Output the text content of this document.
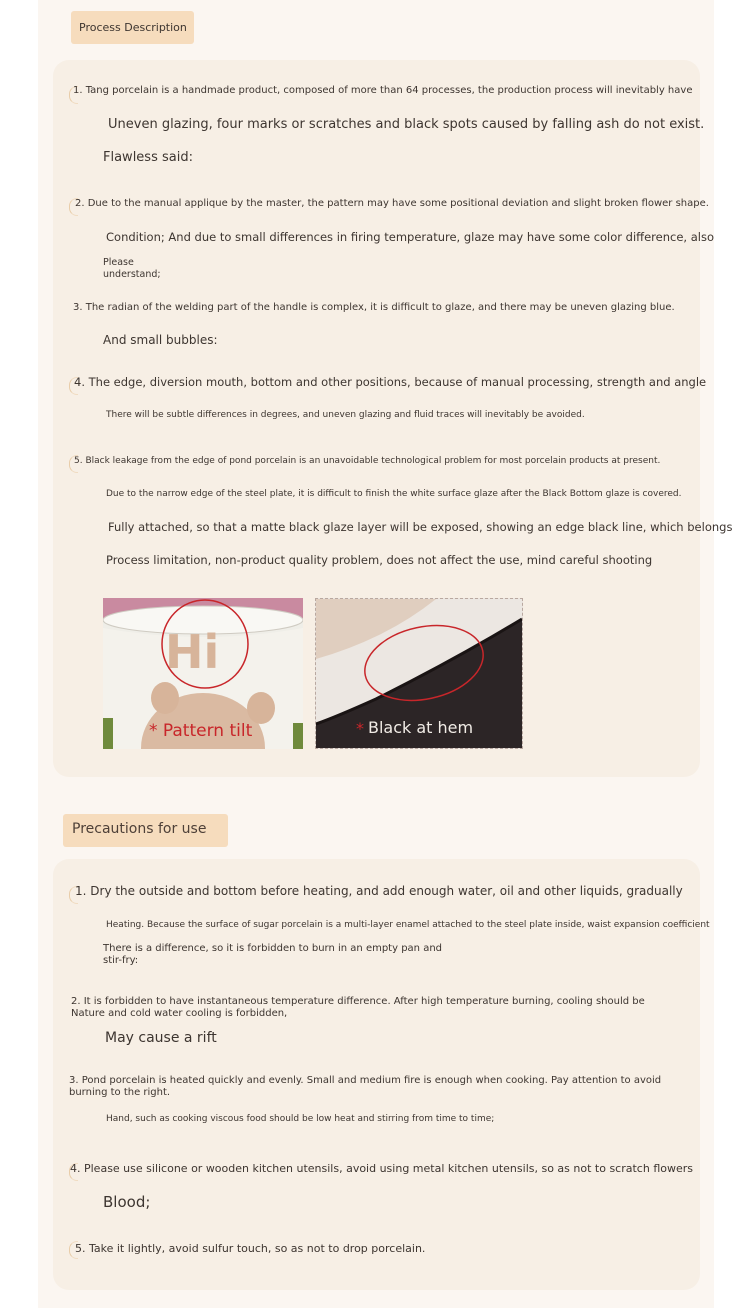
Process Description
1. Tang porcelain is a handmade product, composed of more than 64 processes, the production process will inevitably have
Uneven glazing, four marks or scratches and black spots caused by falling ash do not exist.
Flawless said:
2. Due to the manual applique by the master, the pattern may have some positional deviation and slight broken flower shape.
Condition; And due to small differences in firing temperature, glaze may have some color difference, also
Please
understand;
3. The radian of the welding part of the handle is complex, it is difficult to glaze, and there may be uneven glazing blue.
And small bubbles:
4. The edge, diversion mouth, bottom and other positions, because of manual processing, strength and angle
There will be subtle differences in degrees, and uneven glazing and fluid traces will inevitably be avoided.
5. Black leakage from the edge of pond porcelain is an unavoidable technological problem for most porcelain products at present.
Due to the narrow edge of the steel plate, it is difficult to finish the white surface glaze after the Black Bottom glaze is covered.
Fully attached, so that a matte black glaze layer will be exposed, showing an edge black line, which belongs
Process limitation, non-product quality problem, does not affect the use, mind careful shooting
Hi
* Pattern tilt	* Black at hem
Precautions for use
1. Dry the outside and bottom before heating, and add enough water, oil and other liquids, gradually
Heating. Because the surface of sugar porcelain is a multi-layer enamel attached to the steel plate inside, waist expansion coefficient
There is a difference, so it is forbidden to burn in an empty pan and stir-fry:
2. It is forbidden to have instantaneous temperature difference. After high temperature burning, cooling should be Nature and cold water cooling is forbidden,
May cause a rift
3. Pond porcelain is heated quickly and evenly. Small and medium fire is enough when cooking. Pay attention to avoid burning to the right.
Hand, such as cooking viscous food should be low heat and stirring from time to time;
4. Please use silicone or wooden kitchen utensils, avoid using metal kitchen utensils, so as not to scratch flowers
Blood;
5. Take it lightly, avoid sulfur touch, so as not to drop porcelain.
